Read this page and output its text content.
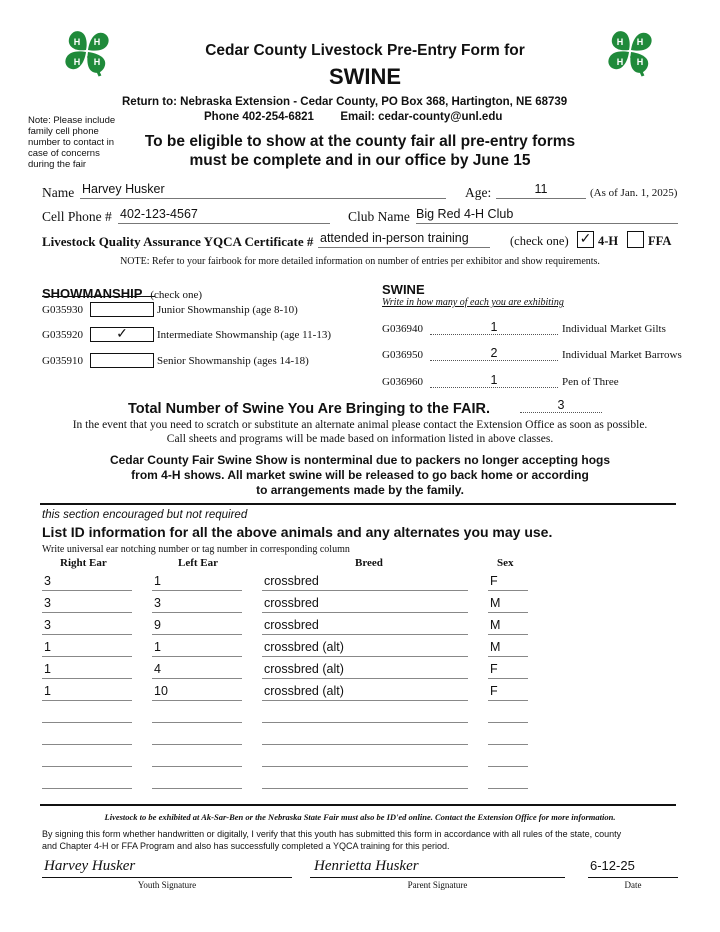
H H
H
H
H H
H
H
Cedar County Livestock Pre-Entry Form for
SWINE
Return to: Nebraska Extension - Cedar County, PO Box 368, Hartington, NE 68739
Phone 402-254-6821 Email: cedar-county@unl.edu
Note: Please include family cell phone number to contact in case of concerns during the fair
To be eligible to show at the county fair all pre-entry forms
must be complete and in our office by June 15
Name Harvey Husker	Age:	11	(As of Jan. 1, 2025)
Cell Phone # 402-123-4567	Club Name Big Red 4-H Club
Livestock Quality Assurance YQCA Certificate # attended in-person training	(check one) ✓ 4-H FFA
NOTE: Refer to your fairbook for more detailed information on number of entries per exhibitor and show requirements.
SHOWMANSHIP (check one)
G035930	Junior Showmanship (age 8-10)
G035920	✓	Intermediate Showmanship (age 11-13)
G035910	Senior Showmanship (ages 14-18)
SWINE
Write in how many of each you are exhibiting
G036940	1	Individual Market Gilts
G036950	2	Individual Market Barrows
G036960	1	Pen of Three
Total Number of Swine You Are Bringing to the FAIR.	3
In the event that you need to scratch or substitute an alternate animal please contact the Extension Office as soon as possible.
Call sheets and programs will be made based on information listed in above classes.
Cedar County Fair Swine Show is nonterminal due to packers no longer accepting hogs
from 4-H shows. All market swine will be released to go back home or according
to arrangements made by the family.
this section encouraged but not required
List ID information for all the above animals and any alternates you may use.
Write universal ear notching number or tag number in corresponding column
Right Ear	Left Ear	Breed	Sex
3	1	crossbred	F
3	3	crossbred	M
3	9	crossbred	M
1	1	crossbred (alt)	M
1	4	crossbred (alt)	F
1	10	crossbred (alt)	F
Livestock to be exhibited at Ak-Sar-Ben or the Nebraska State Fair must also be ID'ed online. Contact the Extension Office for more information.
By signing this form whether handwritten or digitally, I verify that this youth has submitted this form in accordance with all rules of the state, county
and Chapter 4-H or FFA Program and also has successfully completed a YQCA training for this period.
Harvey Husker
Youth Signature
Henrietta Husker
Parent Signature
6-12-25
Date
